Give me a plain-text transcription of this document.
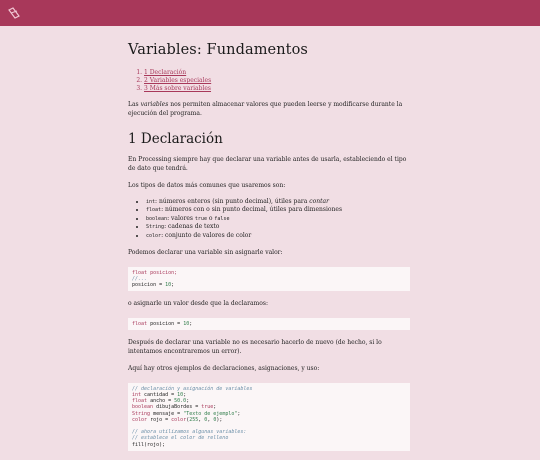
Variables: Fundamentos
1. 1 Declaración
2. 2 Variables especiales
3. 3 Más sobre variables

Las variables nos permiten almacenar valores que pueden leerse y modificarse durante la ejecución del programa.

1 Declaración

En Processing siempre hay que declarar una variable antes de usarla, estableciendo el tipo de dato que tendrá.

Los tipos de datos más comunes que usaremos son:

• int: números enteros (sin punto decimal), útiles para contar
• float: números con o sin punto decimal, útiles para dimensiones
• boolean: valores true o false
• String: cadenas de texto
• color: conjunto de valores de color

Podemos declarar una variable sin asignarle valor:

float posicion;
//...
posicion = 10;

o asignarle un valor desde que la declaramos:

float posicion = 10;

Después de declarar una variable no es necesario hacerlo de nuevo (de hecho, si lo intentamos encontraremos un error).

Aquí hay otros ejemplos de declaraciones, asignaciones, y uso:

// declaración y asignación de variables
int cantidad = 10;
float ancho = 50.0;
boolean dibujaBordes = true;
String mensaje = "Texto de ejemplo";
color rojo = color(255, 0, 0);

// ahora utilizamos algunas variables:
// establece el color de relleno
fill(rojo);
